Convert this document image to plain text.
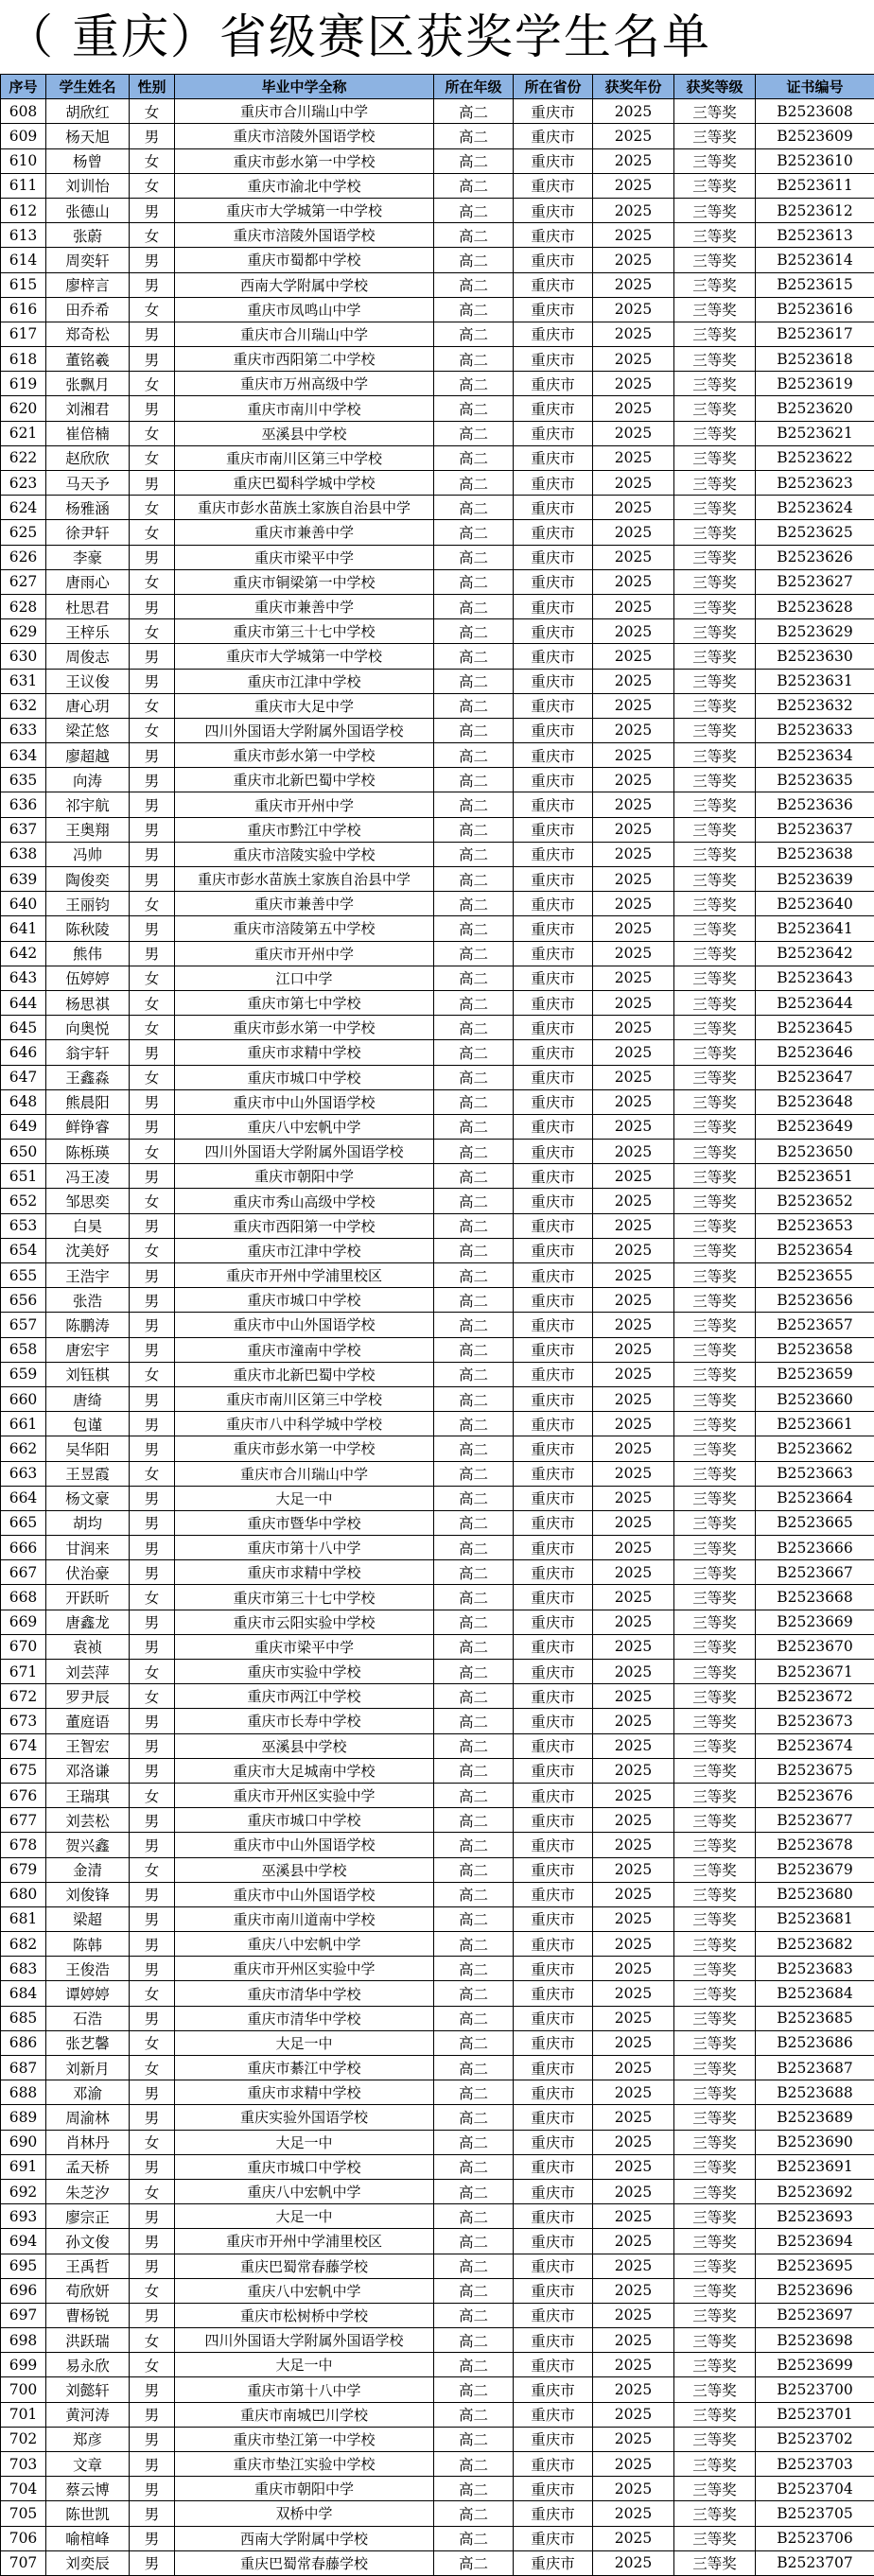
（ 重庆）省级赛区获奖学生名单
序号	学生姓名	性别	毕业中学全称	所在年级	所在省份	获奖年份	获奖等级	证书编号
608	胡欣红	女	重庆市合川瑞山中学	高二	重庆市	2025	三等奖	B2523608
609	杨天旭	男	重庆市涪陵外国语学校	高二	重庆市	2025	三等奖	B2523609
610	杨曾	女	重庆市彭水第一中学校	高二	重庆市	2025	三等奖	B2523610
611	刘训怡	女	重庆市渝北中学校	高二	重庆市	2025	三等奖	B2523611
612	张德山	男	重庆市大学城第一中学校	高二	重庆市	2025	三等奖	B2523612
613	张蔚	女	重庆市涪陵外国语学校	高二	重庆市	2025	三等奖	B2523613
614	周奕轩	男	重庆市蜀都中学校	高二	重庆市	2025	三等奖	B2523614
615	廖梓言	男	西南大学附属中学校	高二	重庆市	2025	三等奖	B2523615
616	田乔希	女	重庆市凤鸣山中学	高二	重庆市	2025	三等奖	B2523616
617	郑奇松	男	重庆市合川瑞山中学	高二	重庆市	2025	三等奖	B2523617
618	董铭羲	男	重庆市西阳第二中学校	高二	重庆市	2025	三等奖	B2523618
619	张飘月	女	重庆市万州高级中学	高二	重庆市	2025	三等奖	B2523619
620	刘湘君	男	重庆市南川中学校	高二	重庆市	2025	三等奖	B2523620
621	崔倍楠	女	巫溪县中学校	高二	重庆市	2025	三等奖	B2523621
622	赵欣欣	女	重庆市南川区第三中学校	高二	重庆市	2025	三等奖	B2523622
623	马天予	男	重庆巴蜀科学城中学校	高二	重庆市	2025	三等奖	B2523623
624	杨雅涵	女	重庆市彭水苗族土家族自治县中学	高二	重庆市	2025	三等奖	B2523624
625	徐尹轩	女	重庆市兼善中学	高二	重庆市	2025	三等奖	B2523625
626	李豪	男	重庆市梁平中学	高二	重庆市	2025	三等奖	B2523626
627	唐雨心	女	重庆市铜梁第一中学校	高二	重庆市	2025	三等奖	B2523627
628	杜思君	男	重庆市兼善中学	高二	重庆市	2025	三等奖	B2523628
629	王梓乐	女	重庆市第三十七中学校	高二	重庆市	2025	三等奖	B2523629
630	周俊志	男	重庆市大学城第一中学校	高二	重庆市	2025	三等奖	B2523630
631	王议俊	男	重庆市江津中学校	高二	重庆市	2025	三等奖	B2523631
632	唐心玥	女	重庆市大足中学	高二	重庆市	2025	三等奖	B2523632
633	梁芷悠	女	四川外国语大学附属外国语学校	高二	重庆市	2025	三等奖	B2523633
634	廖超越	男	重庆市彭水第一中学校	高二	重庆市	2025	三等奖	B2523634
635	向涛	男	重庆市北新巴蜀中学校	高二	重庆市	2025	三等奖	B2523635
636	祁宇航	男	重庆市开州中学	高二	重庆市	2025	三等奖	B2523636
637	王奥翔	男	重庆市黔江中学校	高二	重庆市	2025	三等奖	B2523637
638	冯帅	男	重庆市涪陵实验中学校	高二	重庆市	2025	三等奖	B2523638
639	陶俊奕	男	重庆市彭水苗族土家族自治县中学	高二	重庆市	2025	三等奖	B2523639
640	王丽钧	女	重庆市兼善中学	高二	重庆市	2025	三等奖	B2523640
641	陈秋陵	男	重庆市涪陵第五中学校	高二	重庆市	2025	三等奖	B2523641
642	熊伟	男	重庆市开州中学	高二	重庆市	2025	三等奖	B2523642
643	伍婷婷	女	江口中学	高二	重庆市	2025	三等奖	B2523643
644	杨思祺	女	重庆市第七中学校	高二	重庆市	2025	三等奖	B2523644
645	向奥悦	女	重庆市彭水第一中学校	高二	重庆市	2025	三等奖	B2523645
646	翁宇轩	男	重庆市求精中学校	高二	重庆市	2025	三等奖	B2523646
647	王鑫淼	女	重庆市城口中学校	高二	重庆市	2025	三等奖	B2523647
648	熊晨阳	男	重庆市中山外国语学校	高二	重庆市	2025	三等奖	B2523648
649	鲜铮睿	男	重庆八中宏帆中学	高二	重庆市	2025	三等奖	B2523649
650	陈栎瑛	女	四川外国语大学附属外国语学校	高二	重庆市	2025	三等奖	B2523650
651	冯王凌	男	重庆市朝阳中学	高二	重庆市	2025	三等奖	B2523651
652	邹思奕	女	重庆市秀山高级中学校	高二	重庆市	2025	三等奖	B2523652
653	白昊	男	重庆市西阳第一中学校	高二	重庆市	2025	三等奖	B2523653
654	沈美妤	女	重庆市江津中学校	高二	重庆市	2025	三等奖	B2523654
655	王浩宇	男	重庆市开州中学浦里校区	高二	重庆市	2025	三等奖	B2523655
656	张浩	男	重庆市城口中学校	高二	重庆市	2025	三等奖	B2523656
657	陈鹏涛	男	重庆市中山外国语学校	高二	重庆市	2025	三等奖	B2523657
658	唐宏宇	男	重庆市潼南中学校	高二	重庆市	2025	三等奖	B2523658
659	刘钰棋	女	重庆市北新巴蜀中学校	高二	重庆市	2025	三等奖	B2523659
660	唐绮	男	重庆市南川区第三中学校	高二	重庆市	2025	三等奖	B2523660
661	包谨	男	重庆市八中科学城中学校	高二	重庆市	2025	三等奖	B2523661
662	吴华阳	男	重庆市彭水第一中学校	高二	重庆市	2025	三等奖	B2523662
663	王昱霞	女	重庆市合川瑞山中学	高二	重庆市	2025	三等奖	B2523663
664	杨文豪	男	大足一中	高二	重庆市	2025	三等奖	B2523664
665	胡均	男	重庆市暨华中学校	高二	重庆市	2025	三等奖	B2523665
666	甘润来	男	重庆市第十八中学	高二	重庆市	2025	三等奖	B2523666
667	伏治豪	男	重庆市求精中学校	高二	重庆市	2025	三等奖	B2523667
668	开跃昕	女	重庆市第三十七中学校	高二	重庆市	2025	三等奖	B2523668
669	唐鑫龙	男	重庆市云阳实验中学校	高二	重庆市	2025	三等奖	B2523669
670	袁祯	男	重庆市梁平中学	高二	重庆市	2025	三等奖	B2523670
671	刘芸萍	女	重庆市实验中学校	高二	重庆市	2025	三等奖	B2523671
672	罗尹辰	女	重庆市两江中学校	高二	重庆市	2025	三等奖	B2523672
673	董庭语	男	重庆市长寿中学校	高二	重庆市	2025	三等奖	B2523673
674	王智宏	男	巫溪县中学校	高二	重庆市	2025	三等奖	B2523674
675	邓洛谦	男	重庆市大足城南中学校	高二	重庆市	2025	三等奖	B2523675
676	王瑞琪	女	重庆市开州区实验中学	高二	重庆市	2025	三等奖	B2523676
677	刘芸松	男	重庆市城口中学校	高二	重庆市	2025	三等奖	B2523677
678	贺兴鑫	男	重庆市中山外国语学校	高二	重庆市	2025	三等奖	B2523678
679	金清	女	巫溪县中学校	高二	重庆市	2025	三等奖	B2523679
680	刘俊锋	男	重庆市中山外国语学校	高二	重庆市	2025	三等奖	B2523680
681	梁超	男	重庆市南川道南中学校	高二	重庆市	2025	三等奖	B2523681
682	陈韩	男	重庆八中宏帆中学	高二	重庆市	2025	三等奖	B2523682
683	王俊浩	男	重庆市开州区实验中学	高二	重庆市	2025	三等奖	B2523683
684	谭婷婷	女	重庆市清华中学校	高二	重庆市	2025	三等奖	B2523684
685	石浩	男	重庆市清华中学校	高二	重庆市	2025	三等奖	B2523685
686	张艺馨	女	大足一中	高二	重庆市	2025	三等奖	B2523686
687	刘新月	女	重庆市綦江中学校	高二	重庆市	2025	三等奖	B2523687
688	邓渝	男	重庆市求精中学校	高二	重庆市	2025	三等奖	B2523688
689	周渝林	男	重庆实验外国语学校	高二	重庆市	2025	三等奖	B2523689
690	肖林丹	女	大足一中	高二	重庆市	2025	三等奖	B2523690
691	孟天桥	男	重庆市城口中学校	高二	重庆市	2025	三等奖	B2523691
692	朱芝汐	女	重庆八中宏帆中学	高二	重庆市	2025	三等奖	B2523692
693	廖宗正	男	大足一中	高二	重庆市	2025	三等奖	B2523693
694	孙文俊	男	重庆市开州中学浦里校区	高二	重庆市	2025	三等奖	B2523694
695	王禹哲	男	重庆巴蜀常春藤学校	高二	重庆市	2025	三等奖	B2523695
696	苟欣妍	女	重庆八中宏帆中学	高二	重庆市	2025	三等奖	B2523696
697	曹杨锐	男	重庆市松树桥中学校	高二	重庆市	2025	三等奖	B2523697
698	洪跃瑞	女	四川外国语大学附属外国语学校	高二	重庆市	2025	三等奖	B2523698
699	易永欣	女	大足一中	高二	重庆市	2025	三等奖	B2523699
700	刘懿轩	男	重庆市第十八中学	高二	重庆市	2025	三等奖	B2523700
701	黄河涛	男	重庆市南城巴川学校	高二	重庆市	2025	三等奖	B2523701
702	郑彦	男	重庆市垫江第一中学校	高二	重庆市	2025	三等奖	B2523702
703	文章	男	重庆市垫江实验中学校	高二	重庆市	2025	三等奖	B2523703
704	蔡云博	男	重庆市朝阳中学	高二	重庆市	2025	三等奖	B2523704
705	陈世凯	男	双桥中学	高二	重庆市	2025	三等奖	B2523705
706	喻棺峰	男	西南大学附属中学校	高二	重庆市	2025	三等奖	B2523706
707	刘奕辰	男	重庆巴蜀常春藤学校	高二	重庆市	2025	三等奖	B2523707
